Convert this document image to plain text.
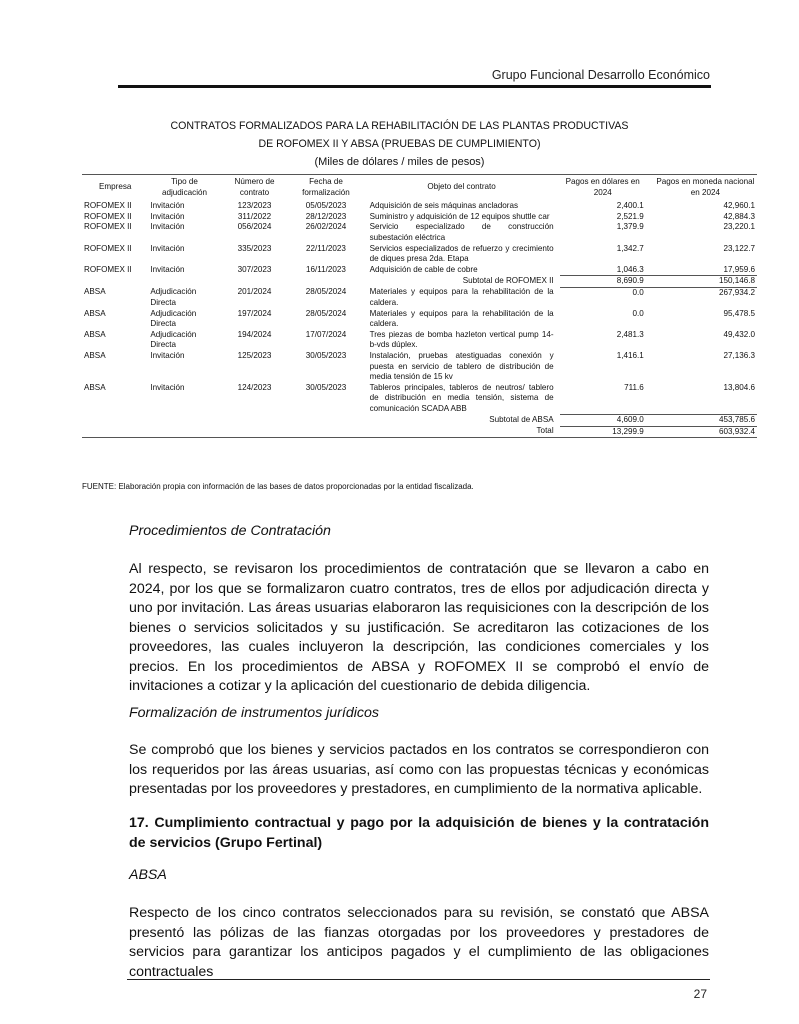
Grupo Funcional Desarrollo Económico
CONTRATOS FORMALIZADOS PARA LA REHABILITACIÓN DE LAS PLANTAS PRODUCTIVAS
DE ROFOMEX II Y ABSA (PRUEBAS DE CUMPLIMIENTO)
(Miles de dólares / miles de pesos)
Empresa	Tipo de adjudicación	Número de contrato	Fecha de formalización	Objeto del contrato	Pagos en dólares en 2024	Pagos en moneda nacional en 2024
ROFOMEX II	Invitación	123/2023	05/05/2023	Adquisición de seis máquinas ancladoras	2,400.1	42,960.1
ROFOMEX II	Invitación	311/2022	28/12/2023	Suministro y adquisición de 12 equipos shuttle car	2,521.9	42,884.3
ROFOMEX II	Invitación	056/2024	26/02/2024	Servicio especializado de construcción subestación eléctrica	1,379.9	23,220.1
ROFOMEX II	Invitación	335/2023	22/11/2023	Servicios especializados de refuerzo y crecimiento de diques presa 2da. Etapa	1,342.7	23,122.7
ROFOMEX II	Invitación	307/2023	16/11/2023	Adquisición de cable de cobre	1,046.3	17,959.6
				Subtotal de ROFOMEX II	8,690.9	150,146.8
ABSA	Adjudicación Directa	201/2024	28/05/2024	Materiales y equipos para la rehabilitación de la caldera.	0.0	267,934.2
ABSA	Adjudicación Directa	197/2024	28/05/2024	Materiales y equipos para la rehabilitación de la caldera.	0.0	95,478.5
ABSA	Adjudicación Directa	194/2024	17/07/2024	Tres piezas de bomba hazleton vertical pump 14-b-vds dúplex.	2,481.3	49,432.0
ABSA	Invitación	125/2023	30/05/2023	Instalación, pruebas atestiguadas conexión y puesta en servicio de tablero de distribución de media tensión de 15 kv	1,416.1	27,136.3
ABSA	Invitación	124/2023	30/05/2023	Tableros principales, tableros de neutros/ tablero de distribución en media tensión, sistema de comunicación SCADA ABB	711.6	13,804.6
				Subtotal de ABSA	4,609.0	453,785.6
				Total	13,299.9	603,932.4
FUENTE: Elaboración propia con información de las bases de datos proporcionadas por la entidad fiscalizada.
Procedimientos de Contratación
Al respecto, se revisaron los procedimientos de contratación que se llevaron a cabo en 2024, por los que se formalizaron cuatro contratos, tres de ellos por adjudicación directa y uno por invitación. Las áreas usuarias elaboraron las requisiciones con la descripción de los bienes o servicios solicitados y su justificación. Se acreditaron las cotizaciones de los proveedores, las cuales incluyeron la descripción, las condiciones comerciales y los precios. En los procedimientos de ABSA y ROFOMEX II se comprobó el envío de invitaciones a cotizar y la aplicación del cuestionario de debida diligencia.
Formalización de instrumentos jurídicos
Se comprobó que los bienes y servicios pactados en los contratos se correspondieron con los requeridos por las áreas usuarias, así como con las propuestas técnicas y económicas presentadas por los proveedores y prestadores, en cumplimiento de la normativa aplicable.
17. Cumplimiento contractual y pago por la adquisición de bienes y la contratación de servicios (Grupo Fertinal)
ABSA
Respecto de los cinco contratos seleccionados para su revisión, se constató que ABSA presentó las pólizas de las fianzas otorgadas por los proveedores y prestadores de servicios para garantizar los anticipos pagados y el cumplimiento de las obligaciones contractuales
27
